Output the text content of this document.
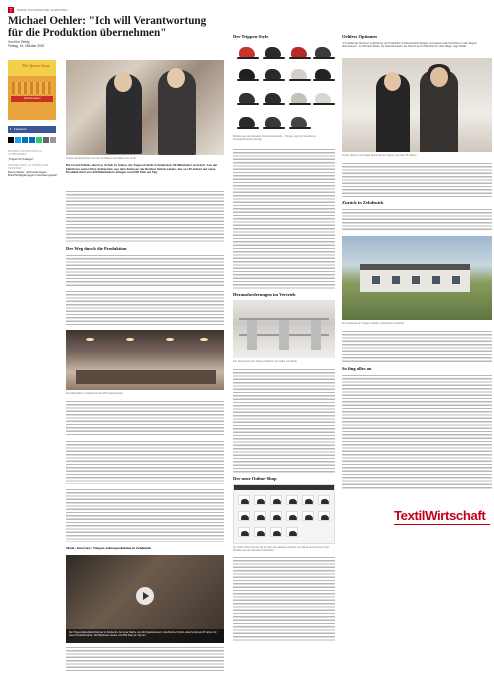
T	MODE SCHUHMODE SHOPPING
Michael Oehler: "Ich will Verantwortung für die Produktion übernehmen"
Von Kim Fiebig
Freitag, 16. Oktober 2020
The Sports Issue
Jetzt hier lesen!
f Facebook
WEITERE INFORMATIONEN & UNTERNEHMEN
„Trippen für Kollegen"
WEITERE INFOS: ZU TRIPPEN UND PERSONEN
Denny Wolter: „Schneider liegen Branchendigital gegen Inszenierungsstar"
Trippen fertigt Schuhe und Co. ab Walzen der Marke eim Gerät
Die Ist auf Kolleks durch w. Schuh zu finden, die Trippen Fabrik in Zehdenick. 60 Mitarbeiter sind dort. Aus der Fabrik bei seinen Pinx Aufbereitet, aus dem Zulassen der Berliner Schuh-Labels, das vor 25 Jahren auf seine Produkte führt von 220 Mitarbeitern fertigen rund 500 Paar am Tag.
Der Weg durch die Produktion
Die Manufaktur in Zehdenick auf 900 Quadratmeter
Mode / Interview: Trippen-Jahresproduktion in Zehdenick
Die Trippen-Manufaktur/Gründer in Zehdenick. Auf einer Fläche von 400 Quadratmetern. Das Berliner Schuh-Label fertigt seit 25 Jahren für seine Produktionslinie: 120 Mitarbeiter stellen rund 500 Paar am Tag her.
Der Trippen-Style
Modelle aus der aktuellen Sommerkollektion – Trippen steht für natürliches, avantgardistisches Design
Herausforderungen im Vertrieb
Der Schauraum der Trippen-Fabrik in der Nähe von Berlin
Der neue Online-Shop
Im Online-Shop können die Kunden die aktuellen Schuhe der Marke durchsuchen (hier Modelle aus der aktuellen Kollektion)
Oehlers Optionen
"Ich wollte die Optionen in Richtung von Produktion in Deutschland fertigen und bewusst die Produktion in der Region übernehmen", so Michael Oehler. Zu bedenkenswert. Es braucht auch Offenheit für neue Wege, sagt Oehler.
Oehler (links) und Angela Spieth führen Trippen seit über 25 Jahren
Zurück in Zehdenick
Die Gebäude der Trippen-Fabrik in Zehdenick bei Berlin
So fing alles an
TextilWirtschaft
